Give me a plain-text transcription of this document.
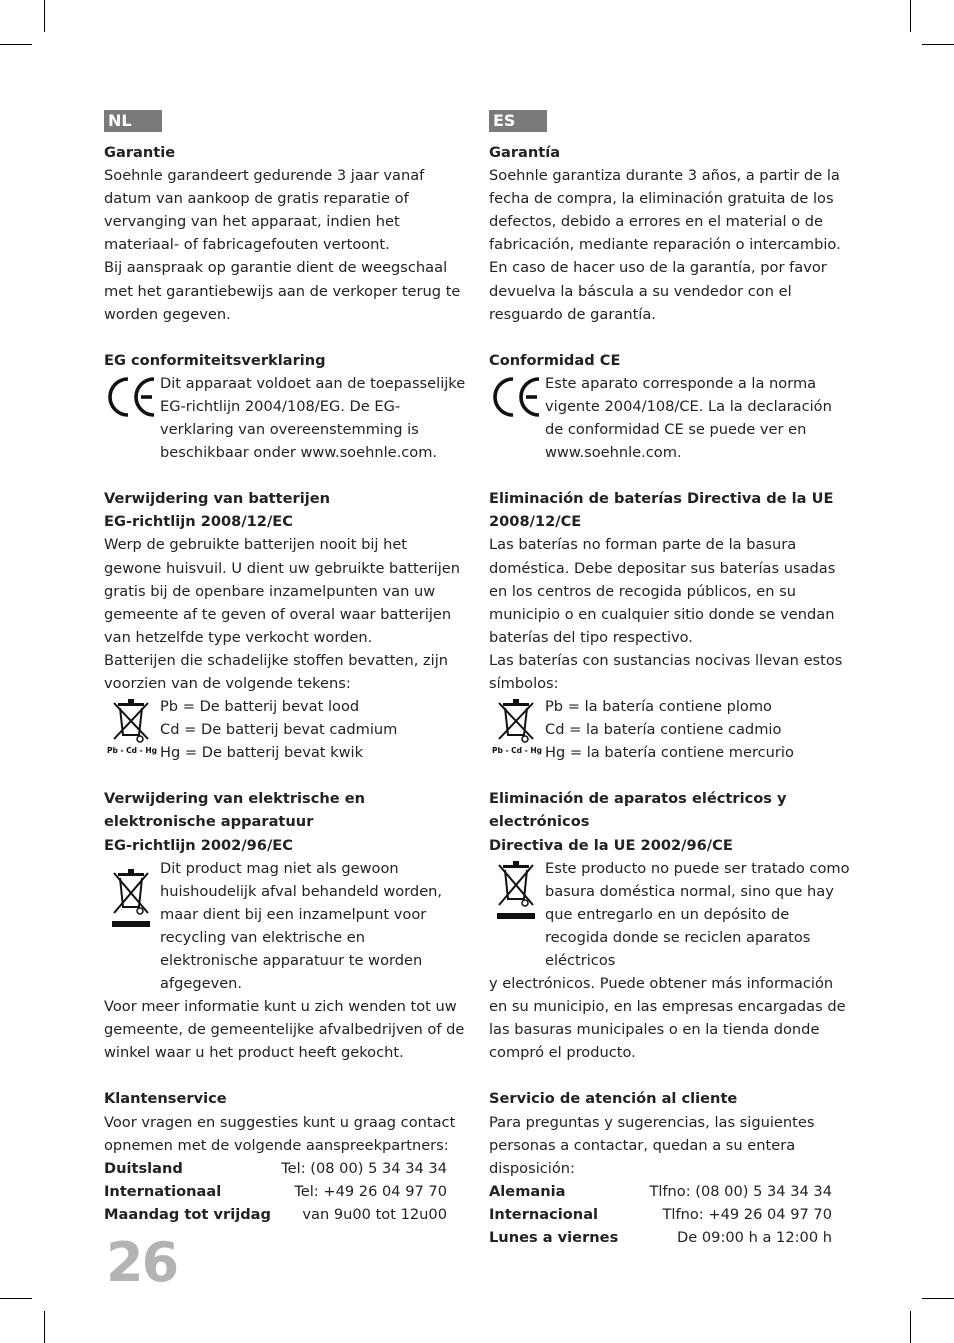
NL
Garantie
Soehnle garandeert gedurende 3 jaar vanaf datum van aankoop de gratis reparatie of vervanging van het apparaat, indien het materiaal- of fabricagefouten vertoont.
Bij aanspraak op garantie dient de weegschaal met het garantiebewijs aan de verkoper terug te worden gegeven.
EG conformiteitsverklaring
Dit apparaat voldoet aan de toepasselijke EG-richtlijn 2004/108/EG. De EG-verklaring van overeenstemming is beschikbaar onder www.soehnle.com.
Verwijdering van batterijen
EG-richtlijn 2008/12/EC
Werp de gebruikte batterijen nooit bij het gewone huisvuil. U dient uw gebruikte batterijen gratis bij de openbare inzamelpunten van uw gemeente af te geven of overal waar batterijen van hetzelfde type verkocht worden.
Batterijen die schadelijke stoffen bevatten, zijn voorzien van de volgende tekens:
Pb - Cd - Hg
Pb = De batterij bevat lood
Cd = De batterij bevat cadmium
Hg = De batterij bevat kwik
Verwijdering van elektrische en elektronische apparatuur
EG-richtlijn 2002/96/EC
Dit product mag niet als gewoon huishoudelijk afval behandeld worden, maar dient bij een inzamelpunt voor recycling van elektrische en elektronische apparatuur te worden afgegeven.
Voor meer informatie kunt u zich wenden tot uw gemeente, de gemeentelijke afvalbedrijven of de winkel waar u het product heeft gekocht.
Klantenservice
Voor vragen en suggesties kunt u graag contact opnemen met de volgende aanspreekpartners:
Duitsland	Tel: (08 00) 5 34 34 34
Internationaal	Tel: +49 26 04 97 70
Maandag tot vrijdag van 9u00 tot 12u00
ES
Garantía
Soehnle garantiza durante 3 años, a partir de la fecha de compra, la eliminación gratuita de los defectos, debido a errores en el material o de fabricación, mediante reparación o intercambio.
En caso de hacer uso de la garantía, por favor devuelva la báscula a su vendedor con el resguardo de garantía.
Conformidad CE
Este aparato corresponde a la norma vigente 2004/108/CE. La la declaración de conformidad CE se puede ver en www.soehnle.com.
Eliminación de baterías Directiva de la UE 2008/12/CE
Las baterías no forman parte de la basura doméstica. Debe depositar sus baterías usadas en los centros de recogida públicos, en su municipio o en cualquier sitio donde se vendan baterías del tipo respectivo.
Las baterías con sustancias nocivas llevan estos símbolos:
Pb - Cd - Hg
Pb = la batería contiene plomo
Cd = la batería contiene cadmio
Hg = la batería contiene mercurio
Eliminación de aparatos eléctricos y electrónicos
Directiva de la UE 2002/96/CE
Este producto no puede ser tratado como basura doméstica normal, sino que hay que entregarlo en un depósito de recogida donde se reciclen aparatos eléctricos
y electrónicos. Puede obtener más información en su municipio, en las empresas encargadas de las basuras municipales o en la tienda donde compró el producto.
Servicio de atención al cliente
Para preguntas y sugerencias, las siguientes personas a contactar, quedan a su entera disposición:
Alemania	Tlfno: (08 00) 5 34 34 34
Internacional	Tlfno: +49 26 04 97 70
Lunes a viernes	De 09:00 h a 12:00 h
26
